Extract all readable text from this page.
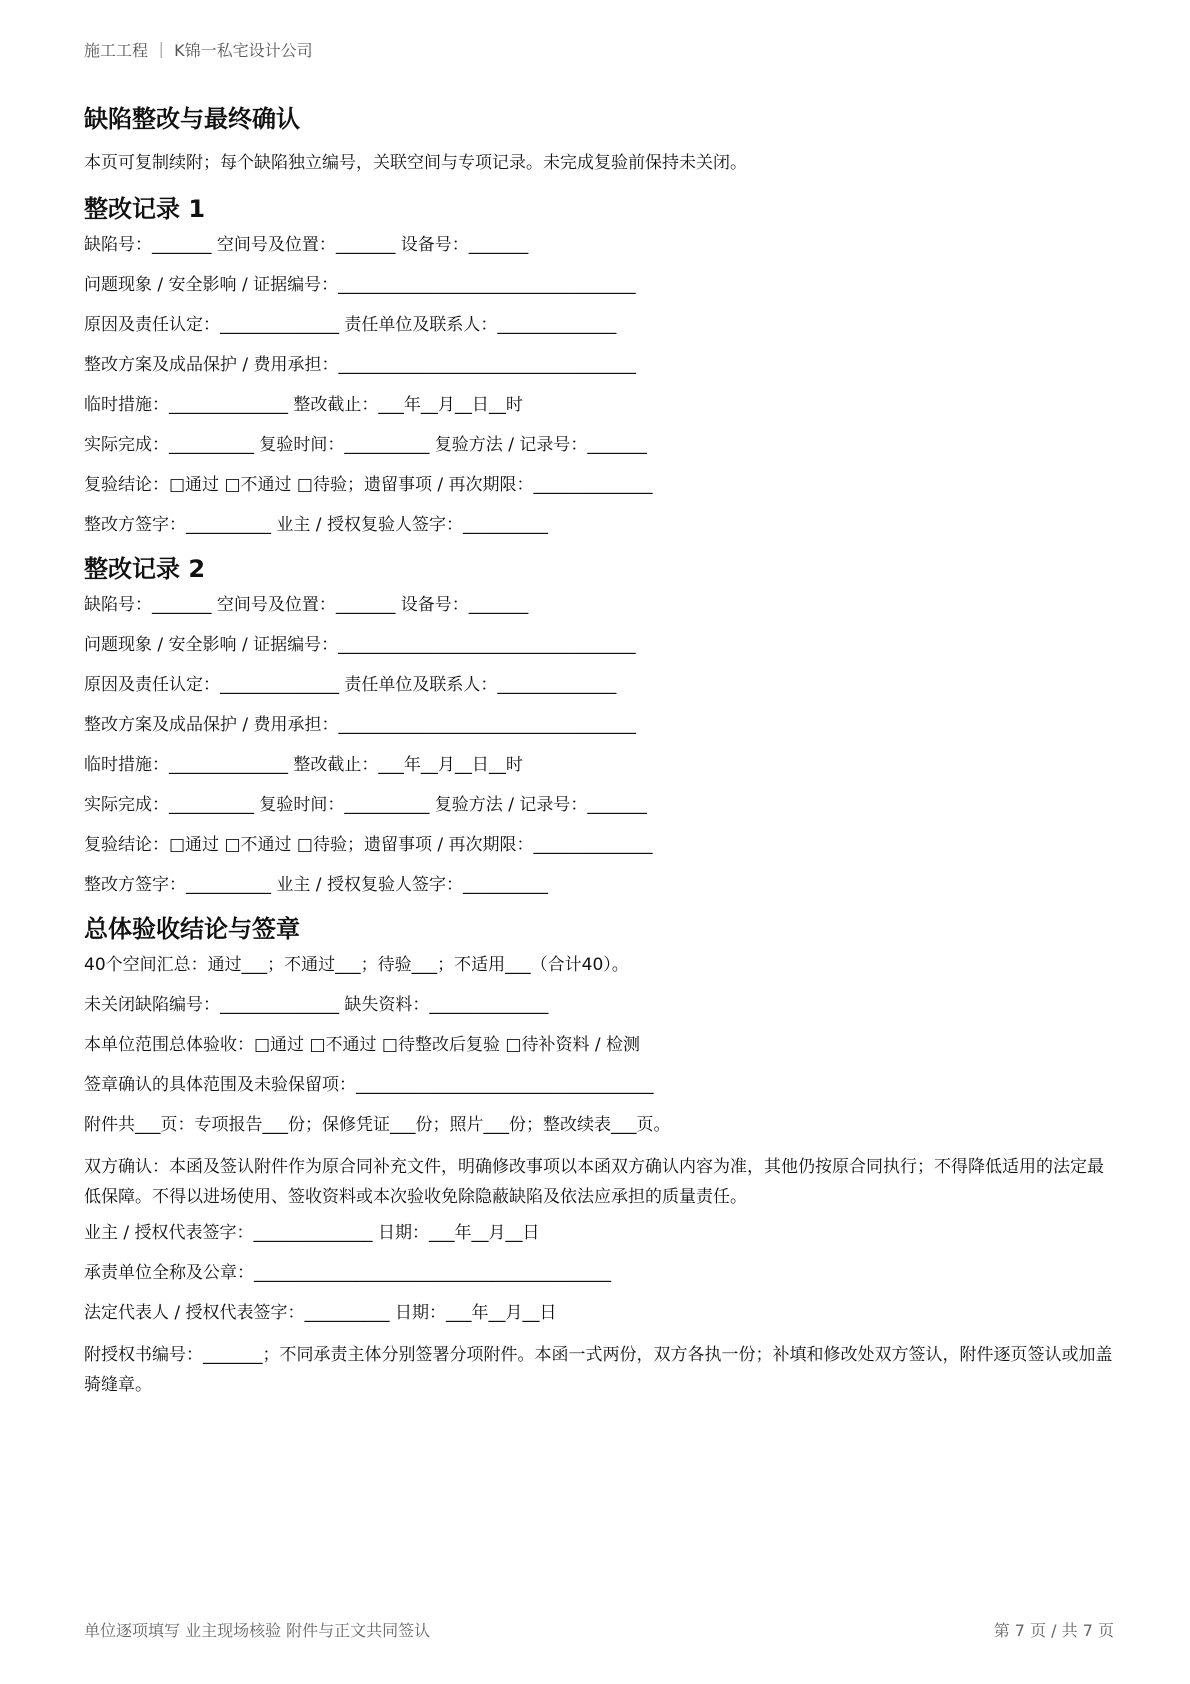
施工工程 ｜ K锦一私宅设计公司
缺陷整改与最终确认

本页可复制续附；每个缺陷独立编号，关联空间与专项记录。未完成复验前保持未关闭。

整改记录 1
缺陷号：_______ 空间号及位置：_______ 设备号：_______
问题现象 / 安全影响 / 证据编号：___________________________________
原因及责任认定：______________ 责任单位及联系人：______________
整改方案及成品保护 / 费用承担：___________________________________
临时措施：______________ 整改截止：___年__月__日__时
实际完成：__________ 复验时间：__________ 复验方法 / 记录号：_______
复验结论：□通过 □不通过 □待验；遗留事项 / 再次期限：______________
整改方签字：__________ 业主 / 授权复验人签字：__________
整改记录 2
缺陷号：_______ 空间号及位置：_______ 设备号：_______
问题现象 / 安全影响 / 证据编号：___________________________________
原因及责任认定：______________ 责任单位及联系人：______________
整改方案及成品保护 / 费用承担：___________________________________
临时措施：______________ 整改截止：___年__月__日__时
实际完成：__________ 复验时间：__________ 复验方法 / 记录号：_______
复验结论：□通过 □不通过 □待验；遗留事项 / 再次期限：______________
整改方签字：__________ 业主 / 授权复验人签字：__________
总体验收结论与签章
40个空间汇总：通过___；不通过___；待验___；不适用___（合计40）。
未关闭缺陷编号：______________ 缺失资料：______________
本单位范围总体验收：□通过 □不通过 □待整改后复验 □待补资料 / 检测
签章确认的具体范围及未验保留项：___________________________________
附件共___页：专项报告___份；保修凭证___份；照片___份；整改续表___页。
双方确认：本函及签认附件作为原合同补充文件，明确修改事项以本函双方确认内容为准，其他仍按原合同执行；不得降低适用的法定最低保障。不得以进场使用、签收资料或本次验收免除隐蔽缺陷及依法应承担的质量责任。
业主 / 授权代表签字：______________ 日期：___年__月__日
承责单位全称及公章：__________________________________________
法定代表人 / 授权代表签字：__________ 日期：___年__月__日
附授权书编号：_______；不同承责主体分别签署分项附件。本函一式两份，双方各执一份；补填和修改处双方签认，附件逐页签认或加盖骑缝章。
单位逐项填写 业主现场核验 附件与正文共同签认	第 7 页 / 共 7 页
